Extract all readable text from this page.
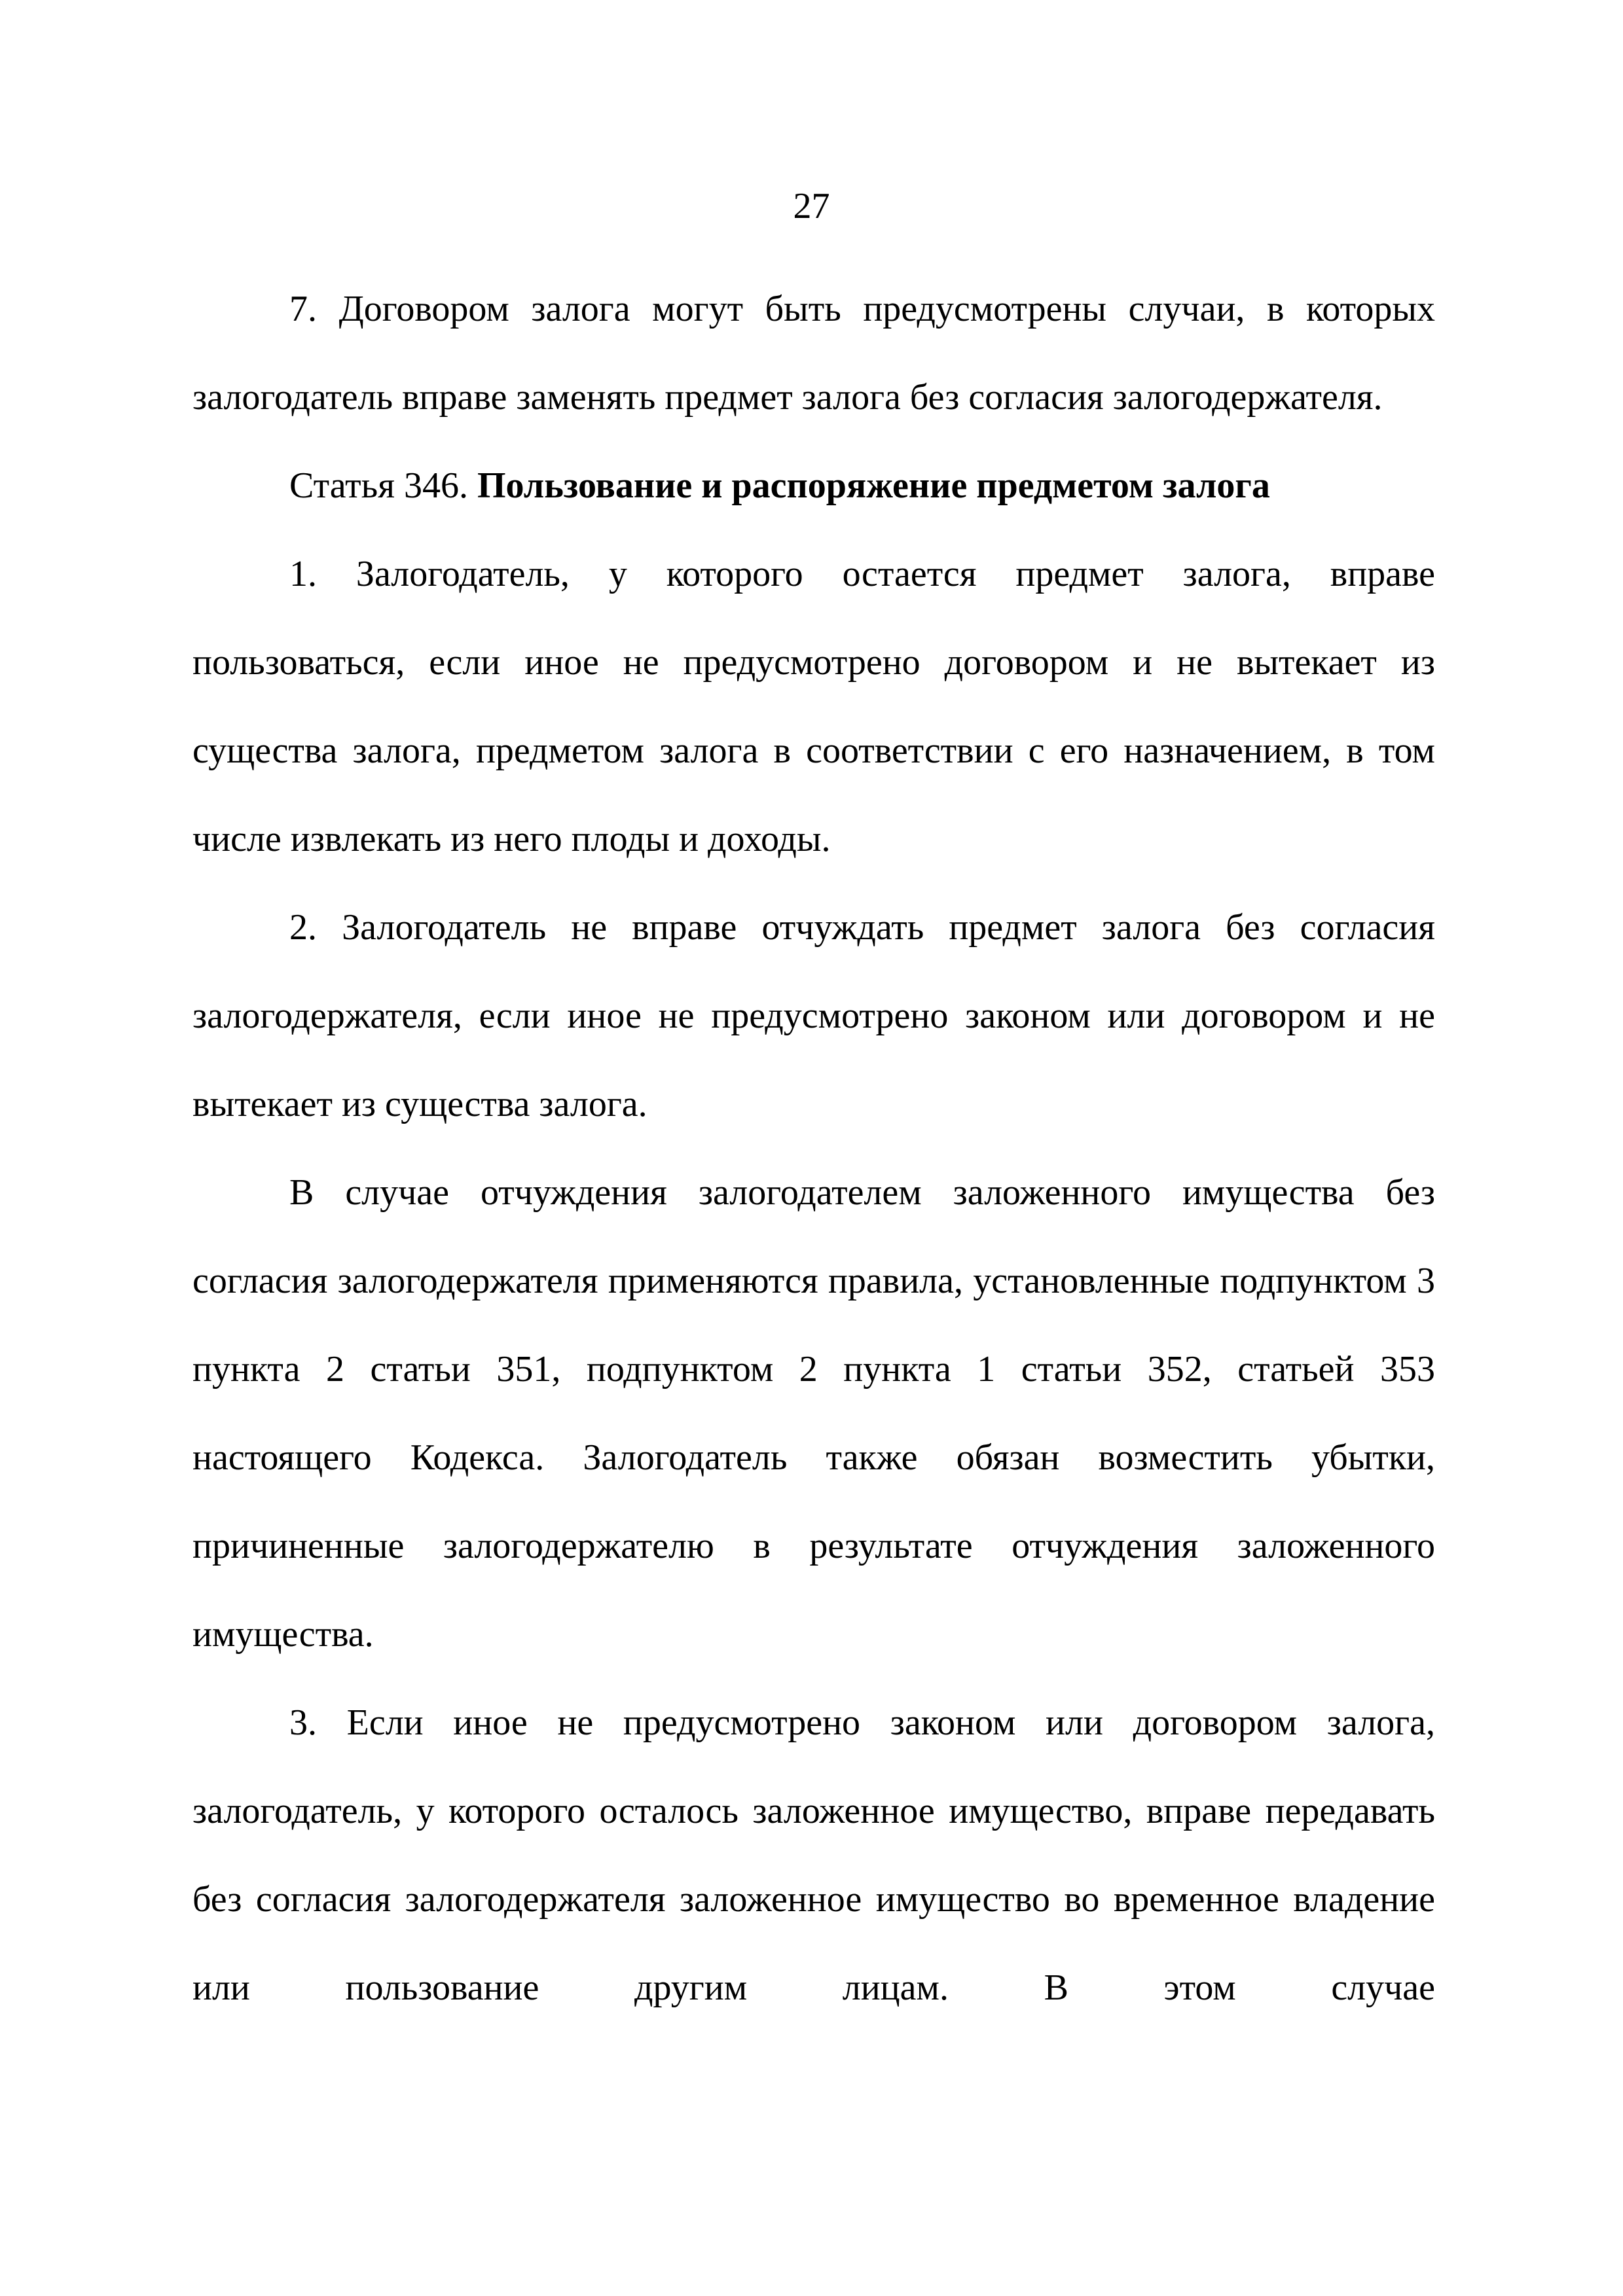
27

7. Договором залога могут быть предусмотрены случаи, в которых залогодатель вправе заменять предмет залога без согласия залогодержателя.

Статья 346. Пользование и распоряжение предметом залога

1. Залогодатель, у которого остается предмет залога, вправе пользоваться, если иное не предусмотрено договором и не вытекает из существа залога, предметом залога в соответствии с его назначением, в том числе извлекать из него плоды и доходы.

2. Залогодатель не вправе отчуждать предмет залога без согласия залогодержателя, если иное не предусмотрено законом или договором и не вытекает из существа залога.

В случае отчуждения залогодателем заложенного имущества без согласия залогодержателя применяются правила, установленные подпунктом 3 пункта 2 статьи 351, подпунктом 2 пункта 1 статьи 352, статьей 353 настоящего Кодекса. Залогодатель также обязан возместить убытки, причиненные залогодержателю в результате отчуждения заложенного имущества.

3. Если иное не предусмотрено законом или договором залога, залогодатель, у которого осталось заложенное имущество, вправе передавать без согласия залогодержателя заложенное имущество во временное владение или пользование другим лицам. В этом случае
